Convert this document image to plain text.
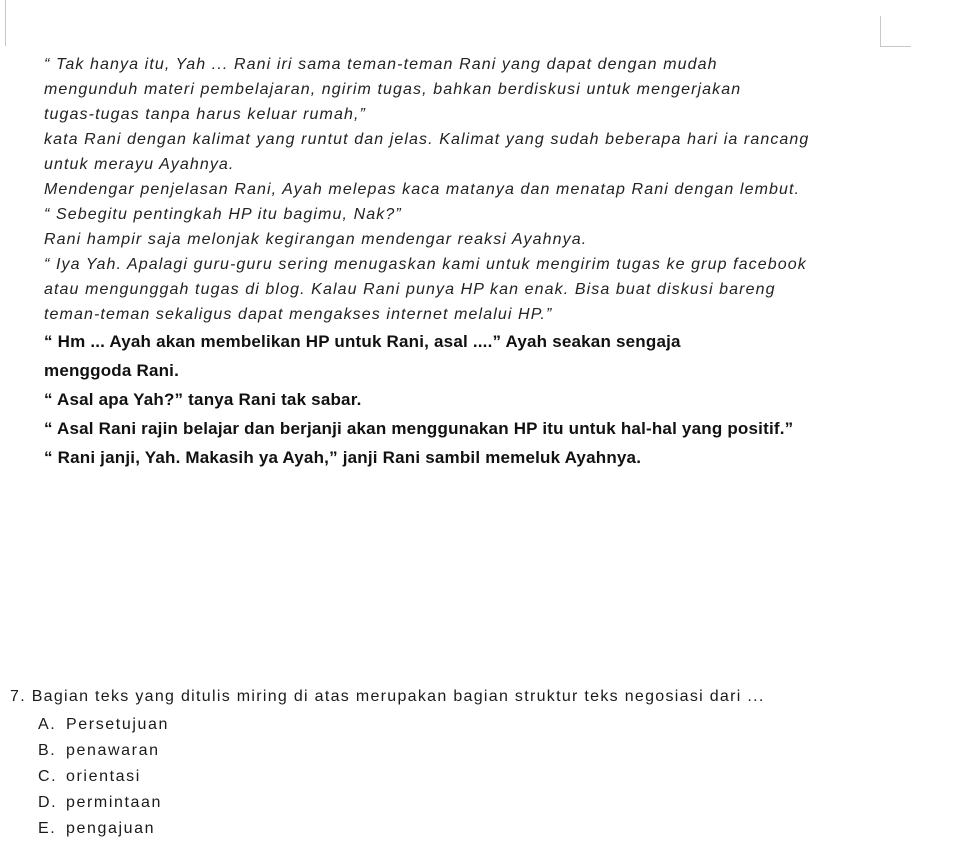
“ Tak hanya itu, Yah ... Rani iri sama teman-teman Rani yang dapat dengan mudah

mengunduh materi pembelajaran, ngirim tugas, bahkan berdiskusi untuk mengerjakan

tugas-tugas tanpa harus keluar rumah,”

kata Rani dengan kalimat yang runtut dan jelas. Kalimat yang sudah beberapa hari ia rancang

untuk merayu Ayahnya.

Mendengar penjelasan Rani, Ayah melepas kaca matanya dan menatap Rani dengan lembut.

“ Sebegitu pentingkah HP itu bagimu, Nak?”

Rani hampir saja melonjak kegirangan mendengar reaksi Ayahnya.

“ Iya Yah. Apalagi guru-guru sering menugaskan kami untuk mengirim tugas ke grup facebook

atau mengunggah tugas di blog. Kalau Rani punya HP kan enak. Bisa buat diskusi bareng

teman-teman sekaligus dapat mengakses internet melalui HP.”

“ Hm ... Ayah akan membelikan HP untuk Rani, asal ....” Ayah seakan sengaja

menggoda Rani.

“ Asal apa Yah?” tanya Rani tak sabar.

“ Asal Rani rajin belajar dan berjanji akan menggunakan HP itu untuk hal-hal yang positif.”

“ Rani janji, Yah. Makasih ya Ayah,” janji Rani sambil memeluk Ayahnya.

7. Bagian teks yang ditulis miring di atas merupakan bagian struktur teks negosiasi dari ...

A. Persetujuan
B. penawaran
C. orientasi
D. permintaan
E. pengajuan
